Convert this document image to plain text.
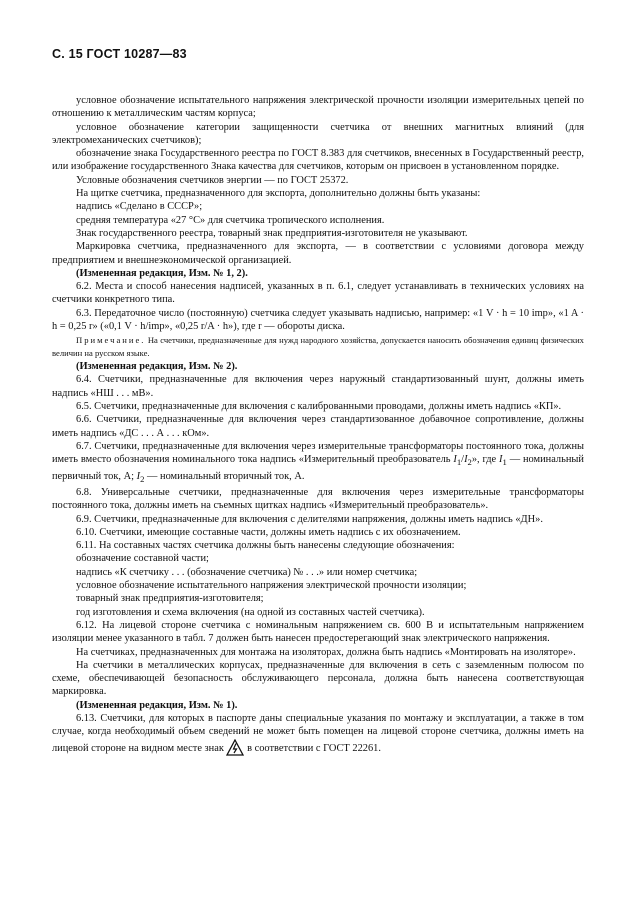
С. 15 ГОСТ 10287—83

условное обозначение испытательного напряжения электрической прочности изоляции измерительных цепей по отношению к металлическим частям корпуса;

условное обозначение категории защищенности счетчика от внешних магнитных влияний (для электромеханических счетчиков);

обозначение знака Государственного реестра по ГОСТ 8.383 для счетчиков, внесенных в Государственный реестр, или изображение государственного Знака качества для счетчиков, которым он присвоен в установленном порядке.

Условные обозначения счетчиков энергии — по ГОСТ 25372.

На щитке счетчика, предназначенного для экспорта, дополнительно должны быть указаны:

надпись «Сделано в СССР»;

средняя температура «27 °С» для счетчика тропического исполнения.

Знак государственного реестра, товарный знак предприятия-изготовителя не указывают.

Маркировка счетчика, предназначенного для экспорта, — в соответствии с условиями договора между предприятием и внешнеэкономической организацией.

(Измененная редакция, Изм. № 1, 2).

6.2. Места и способ нанесения надписей, указанных в п. 6.1, следует устанавливать в технических условиях на счетчики конкретного типа.

6.3. Передаточное число (постоянную) счетчика следует указывать надписью, например: «1 V · h = 10 imp», «1 A · h = 0,25 r» («0,1 V · h/imp», «0,25 r/A · h»), где r — обороты диска.

Примечание. На счетчики, предназначенные для нужд народного хозяйства, допускается наносить обозначения единиц физических величин на русском языке.

(Измененная редакция, Изм. № 2).

6.4. Счетчики, предназначенные для включения через наружный стандартизованный шунт, должны иметь надпись «НШ . . . мВ».

6.5. Счетчики, предназначенные для включения с калиброванными проводами, должны иметь надпись «КП».

6.6. Счетчики, предназначенные для включения через стандартизованное добавочное сопротивление, должны иметь надпись «ДС . . . А . . . кОм».

6.7. Счетчики, предназначенные для включения через измерительные трансформаторы постоянного тока, должны иметь вместо обозначения номинального тока надпись «Измерительный преобразователь $I_1/I_2$», где $I_1$ — номинальный первичный ток, А; $I_2$ — номинальный вторичный ток, А.

6.8. Универсальные счетчики, предназначенные для включения через измерительные трансформаторы постоянного тока, должны иметь на съемных щитках надпись «Измерительный преобразователь».

6.9. Счетчики, предназначенные для включения с делителями напряжения, должны иметь надпись «ДН».

6.10. Счетчики, имеющие составные части, должны иметь надпись с их обозначением.

6.11. На составных частях счетчика должны быть нанесены следующие обозначения:

обозначение составной части;

надпись «К счетчику . . . (обозначение счетчика) № . . .» или номер счетчика;

условное обозначение испытательного напряжения электрической прочности изоляции;

товарный знак предприятия-изготовителя;

год изготовления и схема включения (на одной из составных частей счетчика).

6.12. На лицевой стороне счетчика с номинальным напряжением св. 600 В и испытательным напряжением изоляции менее указанного в табл. 7 должен быть нанесен предостерегающий знак электрического напряжения.

На счетчиках, предназначенных для монтажа на изоляторах, должна быть надпись «Монтировать на изоляторе».

На счетчики в металлических корпусах, предназначенные для включения в сеть с заземленным полюсом по схеме, обеспечивающей безопасность обслуживающего персонала, должна быть нанесена соответствующая маркировка.

(Измененная редакция, Изм. № 1).

6.13. Счетчики, для которых в паспорте даны специальные указания по монтажу и эксплуатации, а также в том случае, когда необходимый объем сведений не может быть помещен на лицевой стороне счетчика, должны иметь на лицевой стороне на видном месте знак в соответствии с ГОСТ 22261.
